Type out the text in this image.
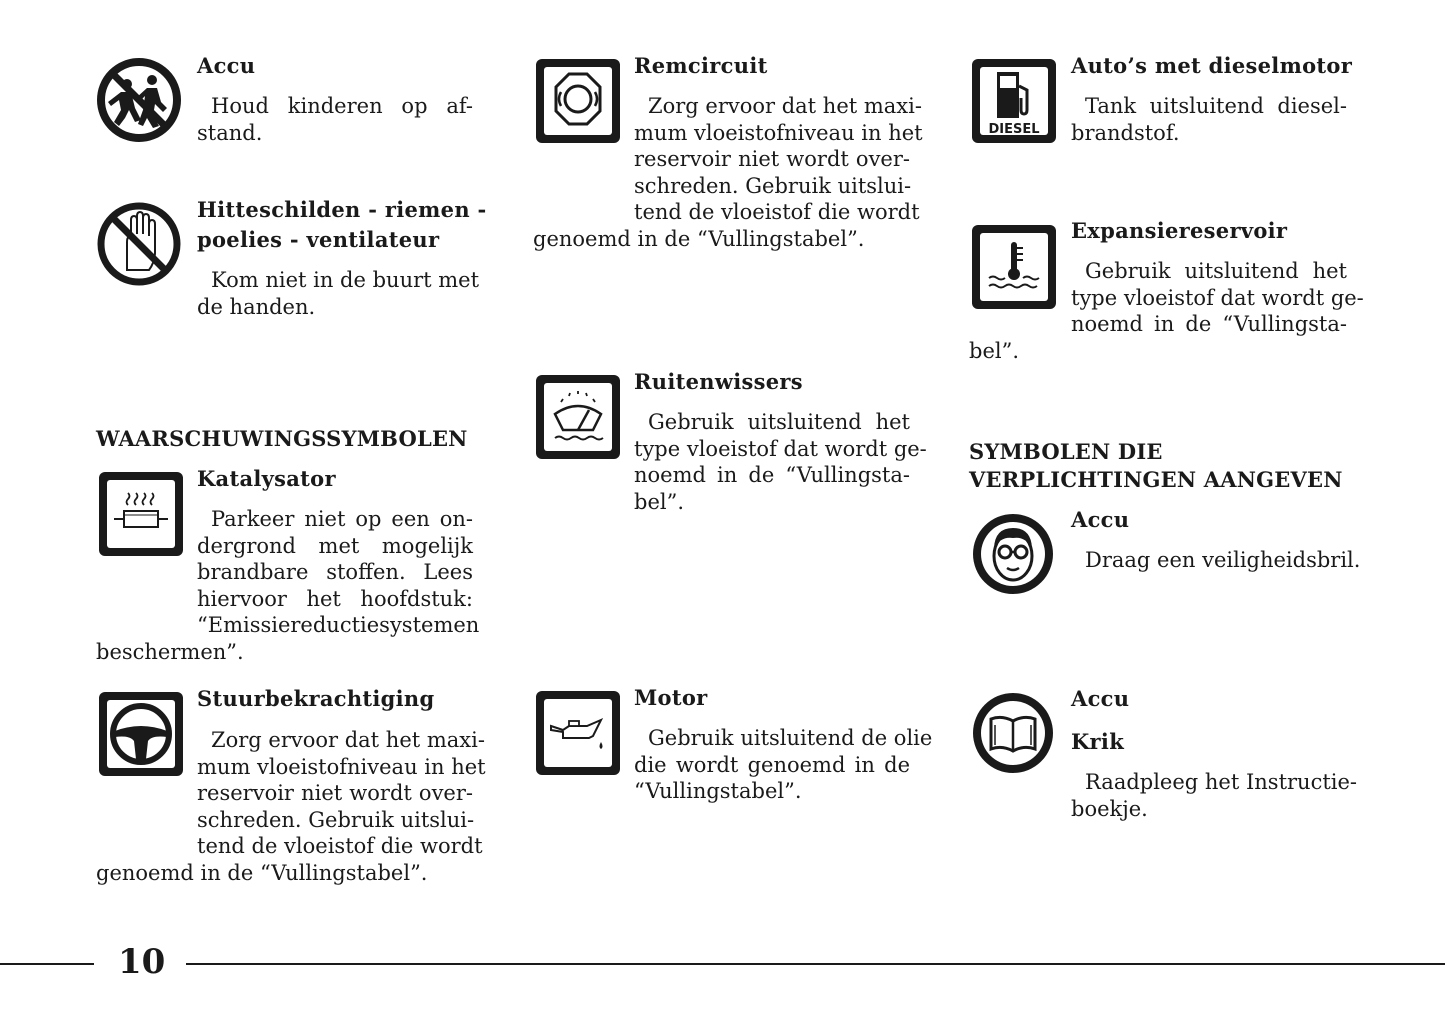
Accu
Houd kinderen op af-
stand.
Hitteschilden - riemen -
poelies - ventilateur
Kom niet in de buurt met
de handen.
WAARSCHUWINGSSYMBOLEN
Katalysator
Parkeer niet op een on-
dergrond met mogelijk
brandbare stoffen. Lees
hiervoor het hoofdstuk:
“Emissiereductiesystemen
beschermen”.
Stuurbekrachtiging
Zorg ervoor dat het maxi-
mum vloeistofniveau in het
reservoir niet wordt over-
schreden. Gebruik uitslui-
tend de vloeistof die wordt
genoemd in de “Vullingstabel”.
Remcircuit
Zorg ervoor dat het maxi-
mum vloeistofniveau in het
reservoir niet wordt over-
schreden. Gebruik uitslui-
tend de vloeistof die wordt
genoemd in de “Vullingstabel”.
Ruitenwissers
Gebruik uitsluitend het
type vloeistof dat wordt ge-
noemd in de “Vullingsta-
bel”.
Motor
Gebruik uitsluitend de olie
die wordt genoemd in de
“Vullingstabel”.
DIESEL
Auto’s met dieselmotor
Tank uitsluitend diesel-
brandstof.
Expansiereservoir
Gebruik uitsluitend het
type vloeistof dat wordt ge-
noemd in de “Vullingsta-
bel”.
SYMBOLEN DIE
VERPLICHTINGEN AANGEVEN
Accu
Draag een veiligheidsbril.
Accu
Krik
Raadpleeg het Instructie-
boekje.
10
